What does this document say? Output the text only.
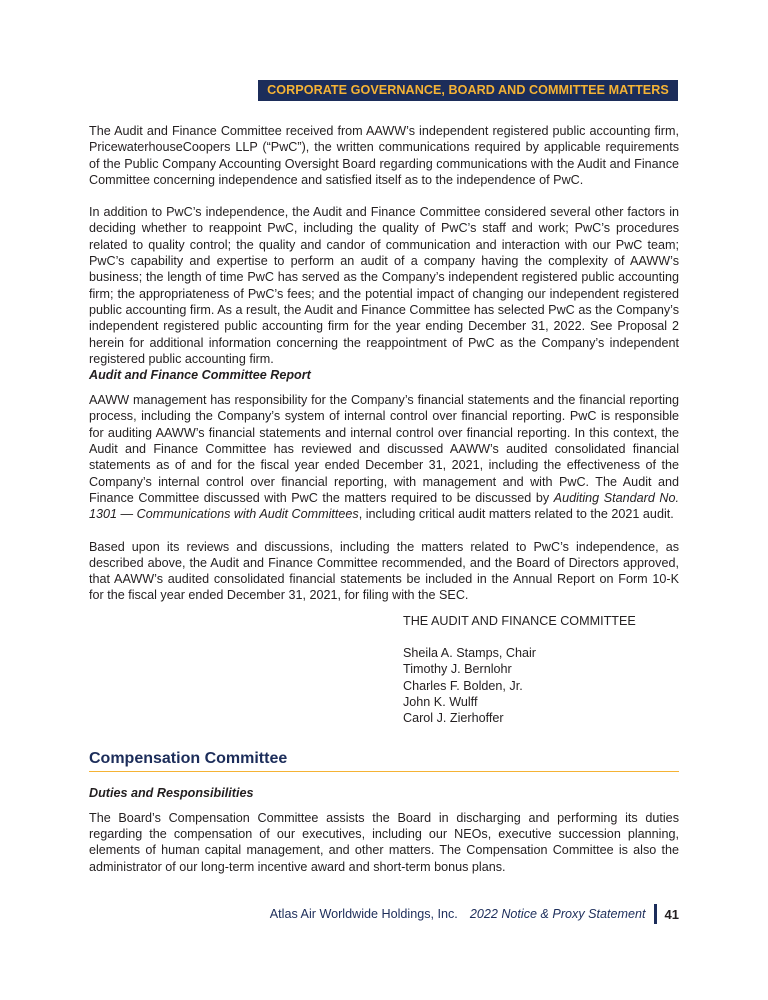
CORPORATE GOVERNANCE, BOARD AND COMMITTEE MATTERS

The Audit and Finance Committee received from AAWW’s independent registered public accounting firm, PricewaterhouseCoopers LLP (“PwC”), the written communications required by applicable requirements of the Public Company Accounting Oversight Board regarding communications with the Audit and Finance Committee concerning independence and satisfied itself as to the independence of PwC.

In addition to PwC’s independence, the Audit and Finance Committee considered several other factors in deciding whether to reappoint PwC, including the quality of PwC’s staff and work; PwC’s procedures related to quality control; the quality and candor of communication and interaction with our PwC team; PwC’s capability and expertise to perform an audit of a company having the complexity of AAWW’s business; the length of time PwC has served as the Company’s independent registered public accounting firm; the appropriateness of PwC’s fees; and the potential impact of changing our independent registered public accounting firm. As a result, the Audit and Finance Committee has selected PwC as the Company’s independent registered public accounting firm for the year ending December 31, 2022. See Proposal 2 herein for additional information concerning the reappointment of PwC as the Company’s independent registered public accounting firm.

Audit and Finance Committee Report

AAWW management has responsibility for the Company’s financial statements and the financial reporting process, including the Company’s system of internal control over financial reporting. PwC is responsible for auditing AAWW’s financial statements and internal control over financial reporting. In this context, the Audit and Finance Committee has reviewed and discussed AAWW’s audited consolidated financial statements as of and for the fiscal year ended December 31, 2021, including the effectiveness of the Company’s internal control over financial reporting, with management and with PwC. The Audit and Finance Committee discussed with PwC the matters required to be discussed by Auditing Standard No. 1301 — Communications with Audit Committees, including critical audit matters related to the 2021 audit.

Based upon its reviews and discussions, including the matters related to PwC’s independence, as described above, the Audit and Finance Committee recommended, and the Board of Directors approved, that AAWW’s audited consolidated financial statements be included in the Annual Report on Form 10-K for the fiscal year ended December 31, 2021, for filing with the SEC.

THE AUDIT AND FINANCE COMMITTEE
Sheila A. Stamps, Chair
Timothy J. Bernlohr
Charles F. Bolden, Jr.
John K. Wulff
Carol J. Zierhoffer
Compensation Committee
Duties and Responsibilities

The Board’s Compensation Committee assists the Board in discharging and performing its duties regarding the compensation of our executives, including our NEOs, executive succession planning, elements of human capital management, and other matters. The Compensation Committee is also the administrator of our long-term incentive award and short-term bonus plans.

Atlas Air Worldwide Holdings, Inc. 2022 Notice & Proxy Statement 41
